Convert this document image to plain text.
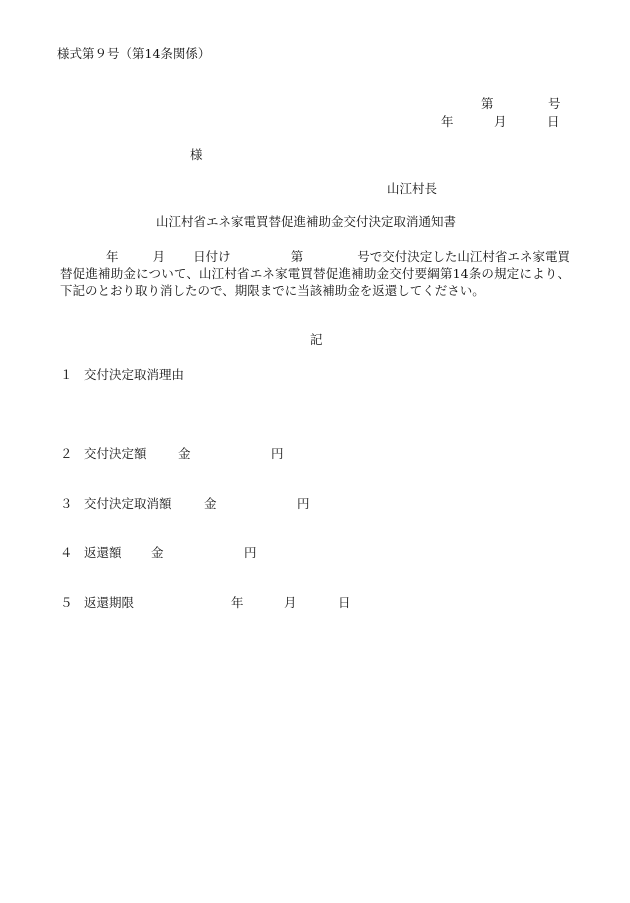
様式第９号（第14条関係）
第	号
年	月	日
様
山江村長
山江村省エネ家電買替促進補助金交付決定取消通知書
年	月 日付け	第	号で交付決定した山江村省エネ家電買替促進補助金について、山江村省エネ家電買替促進補助金交付要綱第14条の規定により、下記のとおり取り消したので、期限までに当該補助金を返還してください。
記
１ 交付決定取消理由
２ 交付決定額	金	円
３ 交付決定取消額	金	円
４ 返還額 金	円
５ 返還期限	年	月	日
